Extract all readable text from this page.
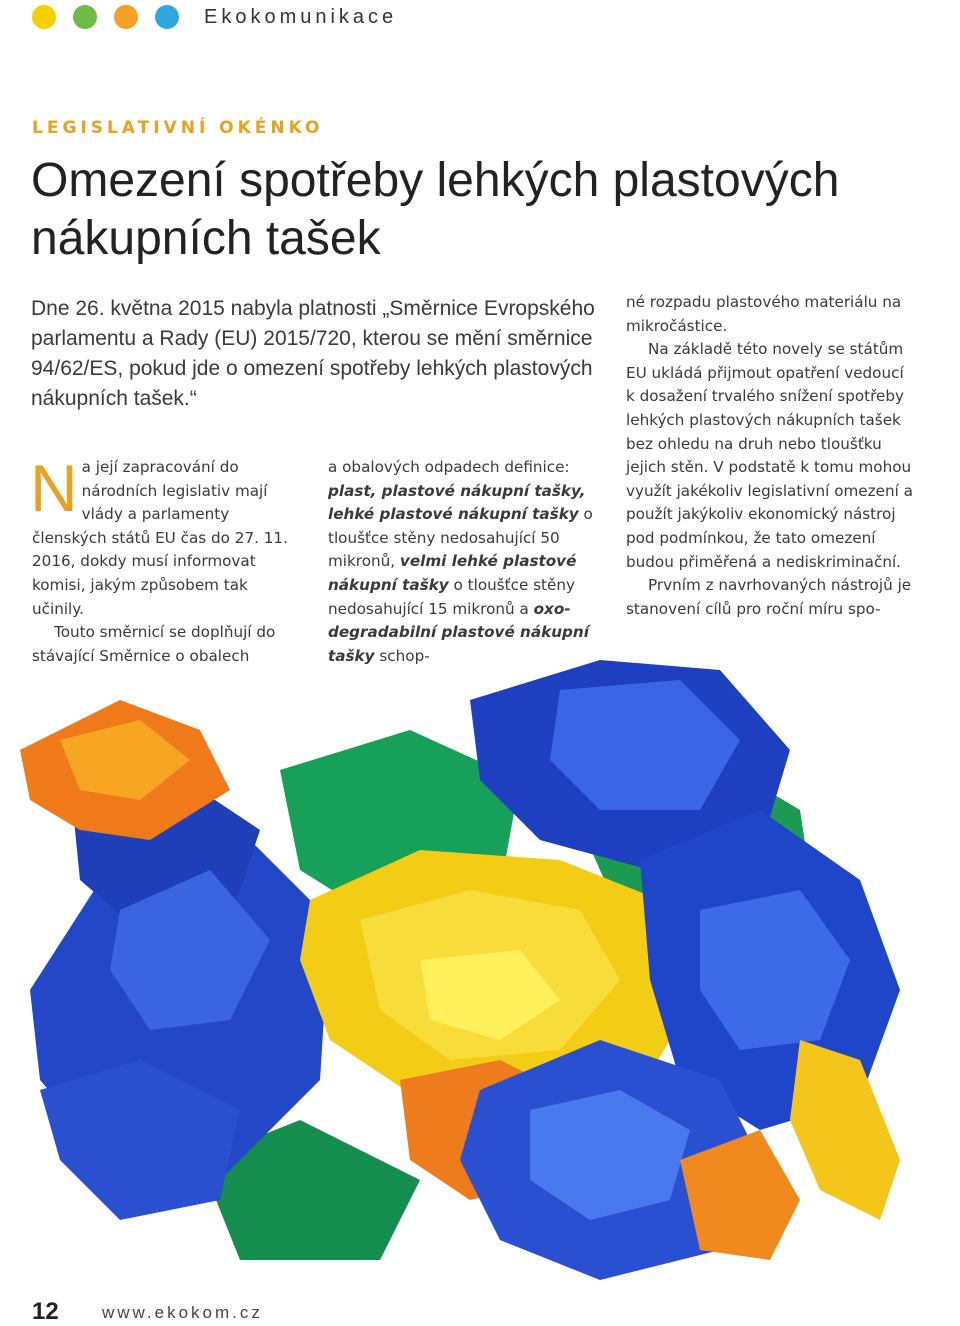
Ekokomunikace
LEGISLATIVNÍ OKÉNKO
Omezení spotřeby lehkých plastových nákupních tašek

Dne 26. května 2015 nabyla platnosti „Směrnice Evropského parlamentu a Rady (EU) 2015/720, kterou se mění směrnice 94/62/ES, pokud jde o omezení spotřeby lehkých plastových nákupních tašek.“

Na její zapracování do národních legislativ mají vlády a parlamenty členských států EU čas do 27. 11. 2016, dokdy musí informovat komisi, jakým způsobem tak učinily.

Touto směrnicí se doplňují do stávající Směrnice o obalech

a obalových odpadech definice: plast, plastové nákupní tašky, lehké plastové nákupní tašky o tloušťce stěny nedosahující 50 mikronů, velmi lehké plastové nákupní tašky o tloušťce stěny nedosahující 15 mikronů a oxo-degradabilní plastové nákupní tašky schop-

né rozpadu plastového materiálu na mikročástice.

Na základě této novely se státům EU ukládá přijmout opatření vedoucí k dosažení trvalého snížení spotřeby lehkých plastových nákupních tašek bez ohledu na druh nebo tloušťku jejich stěn. V podstatě k tomu mohou využít jakékoliv legislativní omezení a použít jakýkoliv ekonomický nástroj pod podmínkou, že tato omezení budou přiměřená a nediskriminační.

Prvním z navrhovaných nástrojů je stanovení cílů pro roční míru spo-

12	www.ekokom.cz
